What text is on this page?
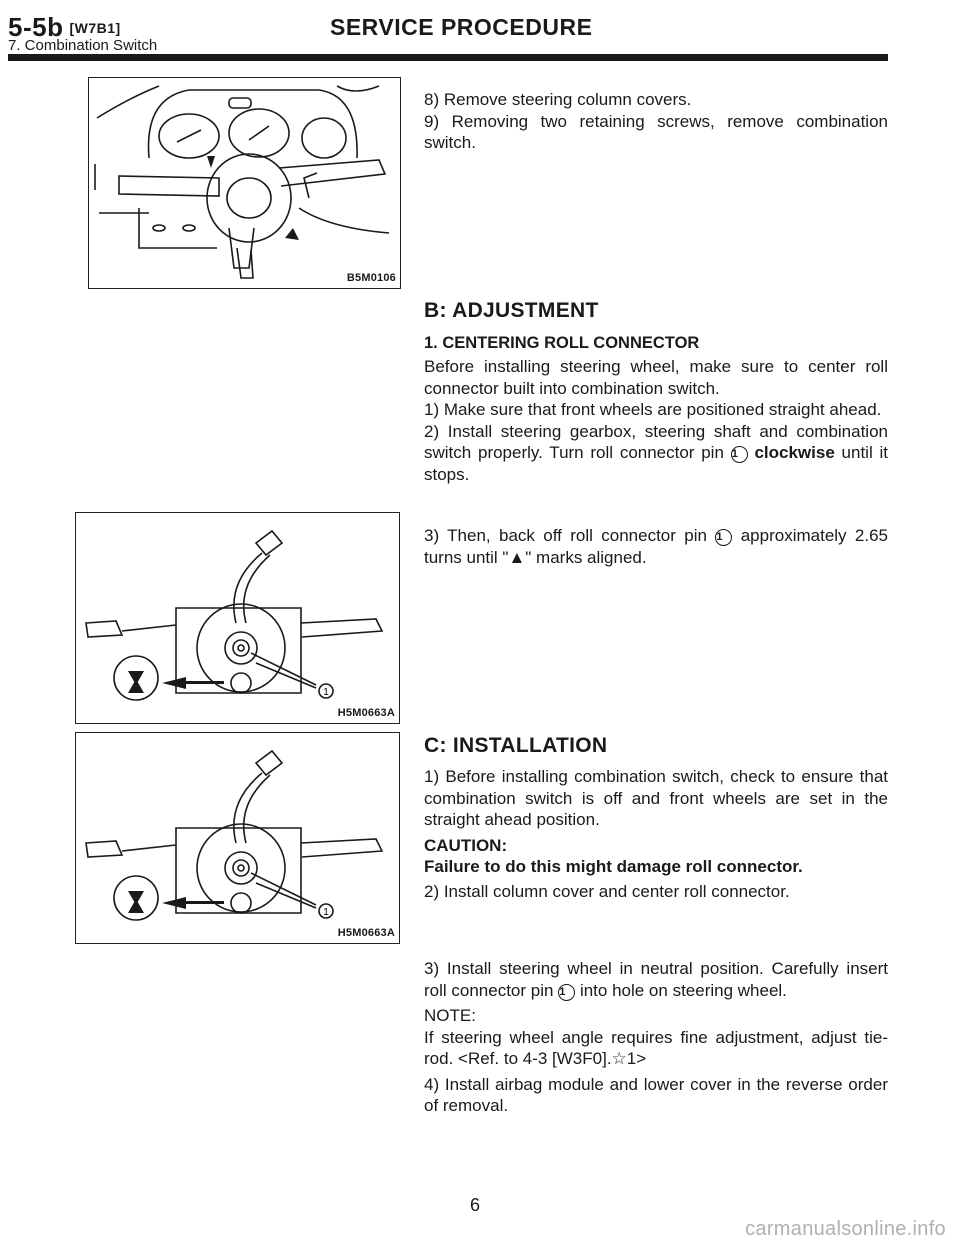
5-5b [W7B1]
7. Combination Switch
SERVICE PROCEDURE
B5M0106
1
H5M0663A
1
H5M0663A

8) Remove steering column covers.

9) Removing two retaining screws, remove combination switch.

B: ADJUSTMENT
1. CENTERING ROLL CONNECTOR

Before installing steering wheel, make sure to center roll connector built into combination switch.

1) Make sure that front wheels are positioned straight ahead.

2) Install steering gearbox, steering shaft and combination switch properly. Turn roll connector pin 1 clockwise until it stops.

3) Then, back off roll connector pin 1 approximately 2.65 turns until "▲" marks aligned.

C: INSTALLATION

1) Before installing combination switch, check to ensure that combination switch is off and front wheels are set in the straight ahead position.

CAUTION:

Failure to do this might damage roll connector.

2) Install column cover and center roll connector.

3) Install steering wheel in neutral position. Carefully insert roll connector pin 1 into hole on steering wheel.

NOTE:

If steering wheel angle requires fine adjustment, adjust tie-rod. <Ref. to 4-3 [W3F0].☆1>

4) Install airbag module and lower cover in the reverse order of removal.

6
carmanualsonline.info
